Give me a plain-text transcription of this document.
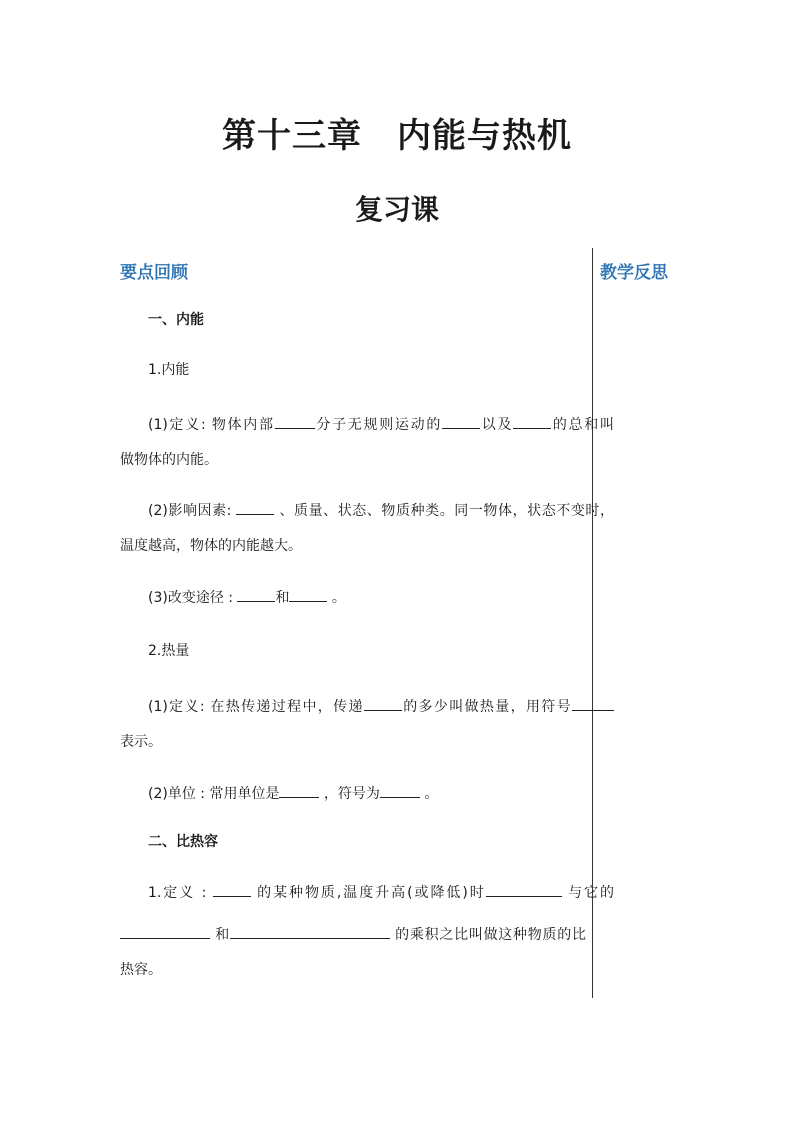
第十三章　内能与热机
复习课
教学反思
要点回顾
一、内能
1.内能
(1)定义: 物体内部	分子无规则运动的	以及	的总和叫
做物体的内能。
(2)影响因素:	、质量、状态、物质种类。同一物体，状态不变时，
温度越高，物体的内能越大。
(3)改变途径 :	和	。
2.热量
(1)定义: 在热传递过程中，传递	的多少叫做热量，用符号
表示。
(2)单位 : 常用单位是	，符号为	。
二、比热容
1.定义 :	的某种物质,温度升高(或降低)时	与它的
和	的乘积之比叫做这种物质的比
热容。
